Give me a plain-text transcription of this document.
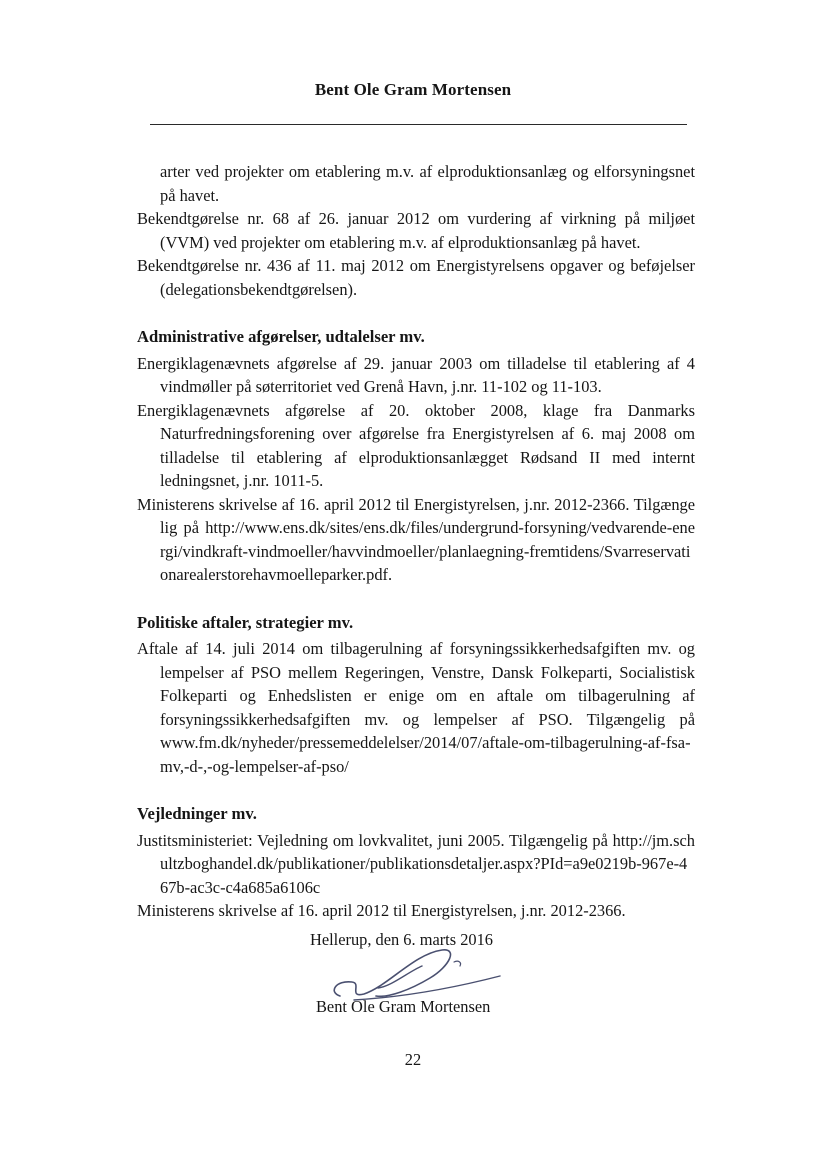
Bent Ole Gram Mortensen

arter ved projekter om etablering m.v. af elproduktionsanlæg og elforsyningsnet på havet.

Bekendtgørelse nr. 68 af 26. januar 2012 om vurdering af virkning på miljøet (VVM) ved projekter om etablering m.v. af elproduktionsanlæg på havet.

Bekendtgørelse nr. 436 af 11. maj 2012 om Energistyrelsens opgaver og beføjelser (delegationsbekendtgørelsen).

Administrative afgørelser, udtalelser mv.

Energiklagenævnets afgørelse af 29. januar 2003 om tilladelse til etablering af 4 vindmøller på søterritoriet ved Grenå Havn, j.nr. 11-102 og 11-103.

Energiklagenævnets afgørelse af 20. oktober 2008, klage fra Danmarks Naturfredningsforening over afgørelse fra Energistyrelsen af 6. maj 2008 om tilladelse til etablering af elproduktionsanlægget Rødsand II med internt ledningsnet, j.nr. 1011-5.

Ministerens skrivelse af 16. april 2012 til Energistyrelsen, j.nr. 2012-2366. Tilgængelig på http://www.ens.dk/sites/ens.dk/files/undergrund-forsyning/vedvarende-energi/vindkraft-vindmoeller/havvindmoeller/planlaegning-fremtidens/Svarreservationarealerstorehavmoelleparker.pdf.

Politiske aftaler, strategier mv.

Aftale af 14. juli 2014 om tilbagerulning af forsyningssikkerhedsafgiften mv. og lempelser af PSO mellem Regeringen, Venstre, Dansk Folkeparti, Socialistisk Folkeparti og Enhedslisten er enige om en aftale om tilbagerulning af forsyningssikkerhedsafgiften mv. og lempelser af PSO. Tilgængelig på www.fm.dk/nyheder/pressemeddelelser/2014/07/aftale-om-tilbagerulning-af-fsa-mv,-d-,-og-lempelser-af-pso/

Vejledninger mv.

Justitsministeriet: Vejledning om lovkvalitet, juni 2005. Tilgængelig på http://jm.schultzboghandel.dk/publikationer/publikationsdetaljer.aspx?PId=a9e0219b-967e-467b-ac3c-c4a685a6106c

Ministerens skrivelse af 16. april 2012 til Energistyrelsen, j.nr. 2012-2366.

Hellerup, den 6. marts 2016
Bent Ole Gram Mortensen
22
